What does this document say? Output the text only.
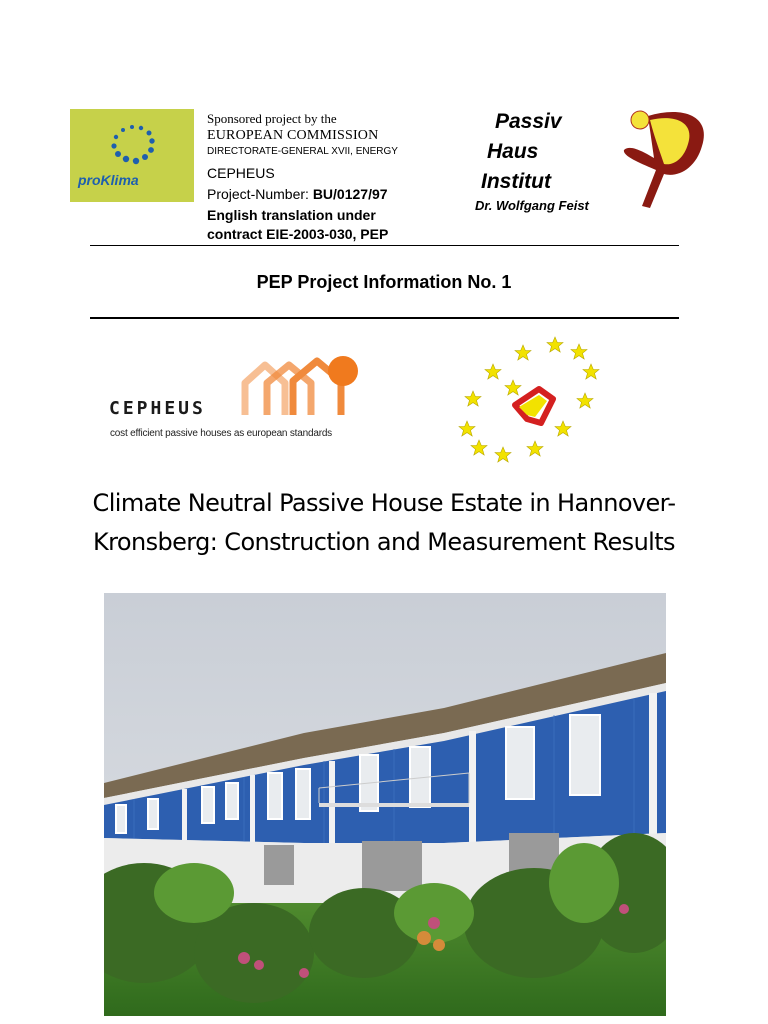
proKlima
Sponsored project by the
EUROPEAN COMMISSION
DIRECTORATE-GENERAL XVII, ENERGY
CEPHEUS
Project-Number: BU/0127/97
English translation under
contract EIE-2003-030, PEP
Passiv
Haus
Institut
Dr. Wolfgang Feist
PEP Project Information No. 1
CEPHEUS
cost efficient passive houses as european standards
Climate Neutral Passive House Estate in Hannover-
Kronsberg: Construction and Measurement Results
